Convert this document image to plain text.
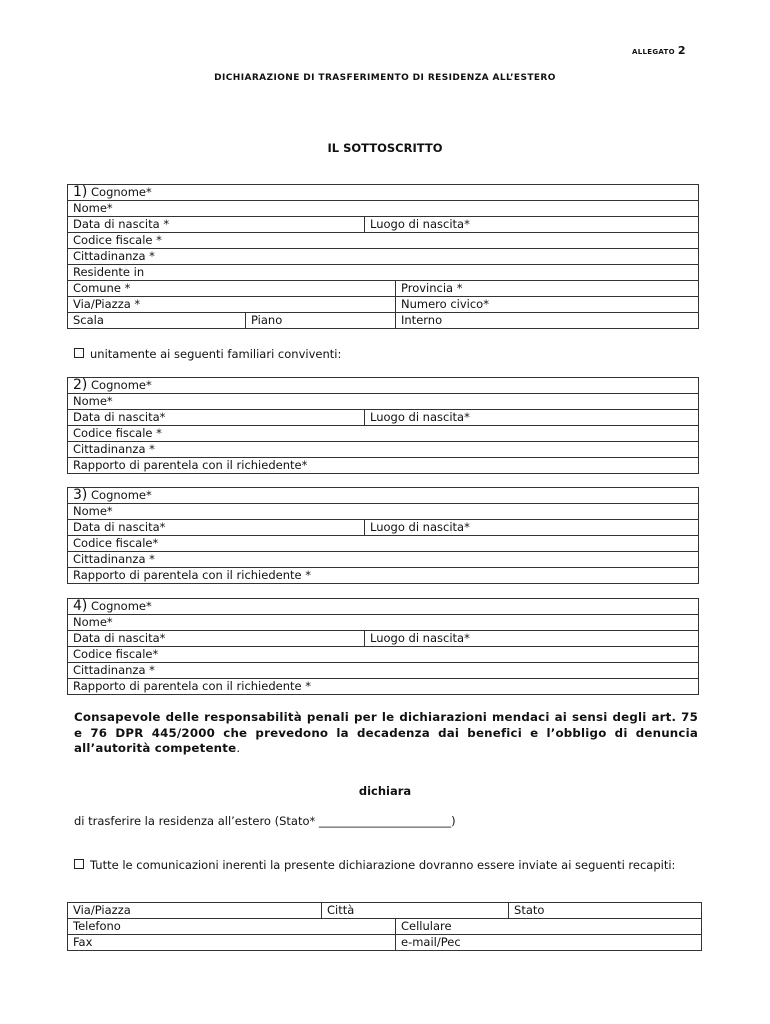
ALLEGATO 2
DICHIARAZIONE DI TRASFERIMENTO DI RESIDENZA ALL’ESTERO
IL SOTTOSCRITTO
1) Cognome*			
Nome*			
Data di nascita *		Luogo di nascita*	
Codice fiscale *			
Cittadinanza *			
Residente in			
Comune *			Provincia *
Via/Piazza *			Numero civico*
Scala	Piano		Interno
unitamente ai seguenti familiari conviventi:
2) Cognome*
Nome*
Data di nascita*	Luogo di nascita*
Codice fiscale *
Cittadinanza *
Rapporto di parentela con il richiedente*
3) Cognome*
Nome*
Data di nascita*	Luogo di nascita*
Codice fiscale*
Cittadinanza *
Rapporto di parentela con il richiedente *
4) Cognome*
Nome*
Data di nascita*	Luogo di nascita*
Codice fiscale*
Cittadinanza *
Rapporto di parentela con il richiedente *
Consapevole delle responsabilità penali per le dichiarazioni mendaci ai sensi degli art. 75 e 76 DPR 445/2000 che prevedono la decadenza dai benefici e l’obbligo di denuncia all’autorità competente.
dichiara
di trasferire la residenza all’estero (Stato* _______________________)
Tutte le comunicazioni inerenti la presente dichiarazione dovranno essere inviate ai seguenti recapiti:
Via/Piazza	Città		Stato
Telefono		Cellulare	
Fax		e-mail/Pec	
